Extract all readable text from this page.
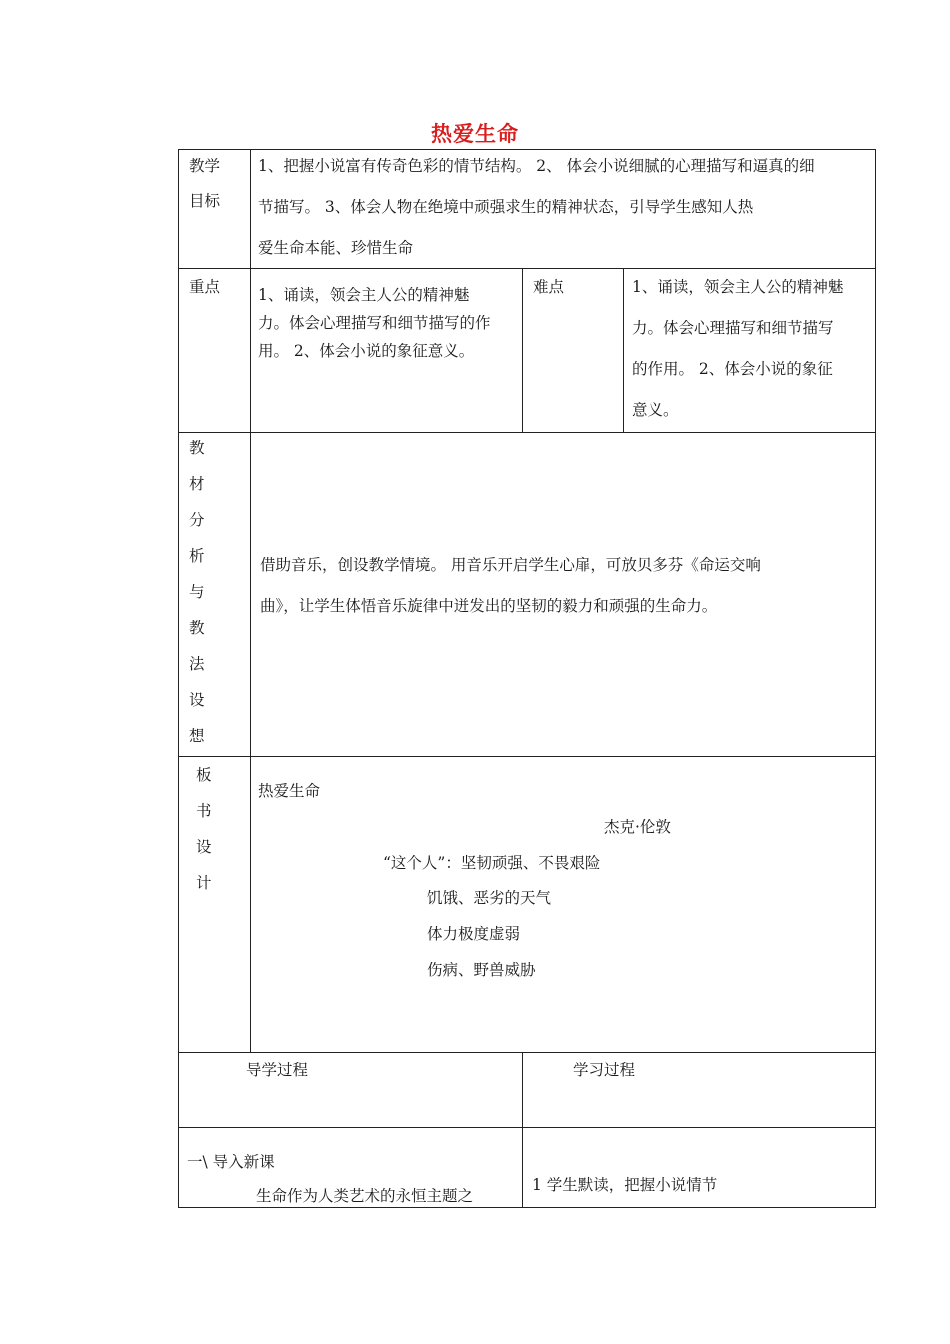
热爱生命
教学
目标
1、把握小说富有传奇色彩的情节结构。 2、 体会小说细腻的心理描写和逼真的细
节描写。 3、体会人物在绝境中顽强求生的精神状态，引导学生感知人热
爱生命本能、珍惜生命
重点 1、诵读，领会主人公的精神魅
力。体会心理描写和细节描写的作
用。 2、体会小说的象征意义。
难点	1、诵读，领会主人公的精神魅
力。体会心理描写和细节描写
的作用。 2、体会小说的象征
意义。
教
材
分
析
与
教
法
设
想
借助音乐，创设教学情境。 用音乐开启学生心扉，可放贝多芬《命运交响
曲》，让学生体悟音乐旋律中迸发出的坚韧的毅力和顽强的生命力。
板
书
设
计
热爱生命
杰克·伦敦
“这个人”：坚韧顽强、不畏艰险
饥饿、恶劣的天气
体力极度虚弱
伤病、野兽威胁
导学过程	学习过程
一\ 导入新课
生命作为人类艺术的永恒主题之
1 学生默读，把握小说情节
